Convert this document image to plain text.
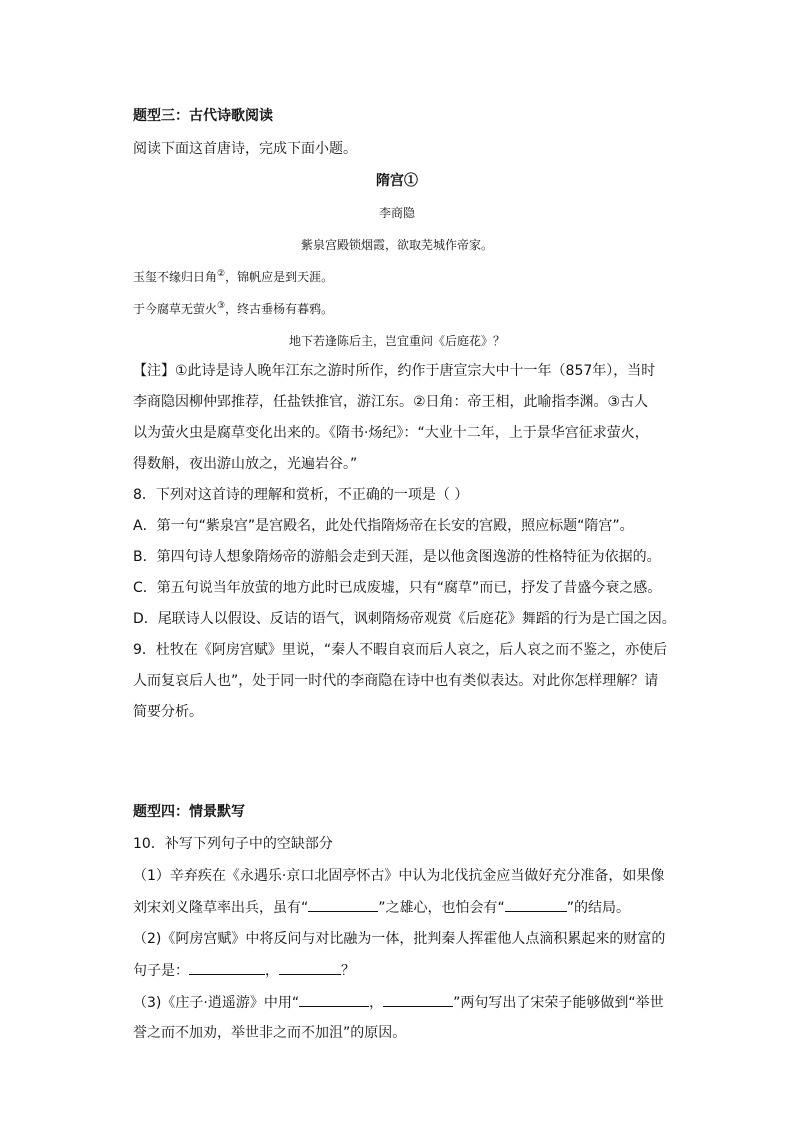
题型三：古代诗歌阅读
阅读下面这首唐诗，完成下面小题。
隋宫①
李商隐
紫泉宫殿锁烟霞，欲取芜城作帝家。
玉玺不缘归日角②，锦帆应是到天涯。
于今腐草无萤火③，终古垂杨有暮鸦。
地下若逢陈后主，岂宜重问《后庭花》？
【注】①此诗是诗人晚年江东之游时所作，约作于唐宣宗大中十一年（857年），当时
李商隐因柳仲郢推荐，任盐铁推官，游江东。②日角：帝王相，此喻指李渊。③古人
以为萤火虫是腐草变化出来的。《隋书·炀纪》：“大业十二年，上于景华宫征求萤火，
得数斛，夜出游山放之，光遍岩谷。”
8．下列对这首诗的理解和赏析，不正确的一项是（ ）
A．第一句“紫泉宫”是宫殿名，此处代指隋炀帝在长安的宫殿，照应标题“隋宫”。
B．第四句诗人想象隋炀帝的游船会走到天涯，是以他贪图逸游的性格特征为依据的。
C．第五句说当年放萤的地方此时已成废墟，只有“腐草”而已，抒发了昔盛今衰之感。
D．尾联诗人以假设、反诘的语气，讽刺隋炀帝观赏《后庭花》舞蹈的行为是亡国之因。
9．杜牧在《阿房宫赋》里说，“秦人不暇自哀而后人哀之，后人哀之而不鉴之，亦使后
人而复哀后人也”，处于同一时代的李商隐在诗中也有类似表达。对此你怎样理解？请
简要分析。
题型四：情景默写
10．补写下列句子中的空缺部分
（1）辛弃疾在《永遇乐·京口北固亭怀古》中认为北伐抗金应当做好充分准备，如果像
刘宋刘义隆草率出兵，虽有“	”之雄心，也怕会有“	”的结局。
（2)《阿房宫赋》中将反问与对比融为一体，批判秦人挥霍他人点滴积累起来的财富的
句子是：	，	？
（3)《庄子·逍遥游》中用“	，	”两句写出了宋荣子能够做到“举世
誉之而不加劝，举世非之而不加沮”的原因。
